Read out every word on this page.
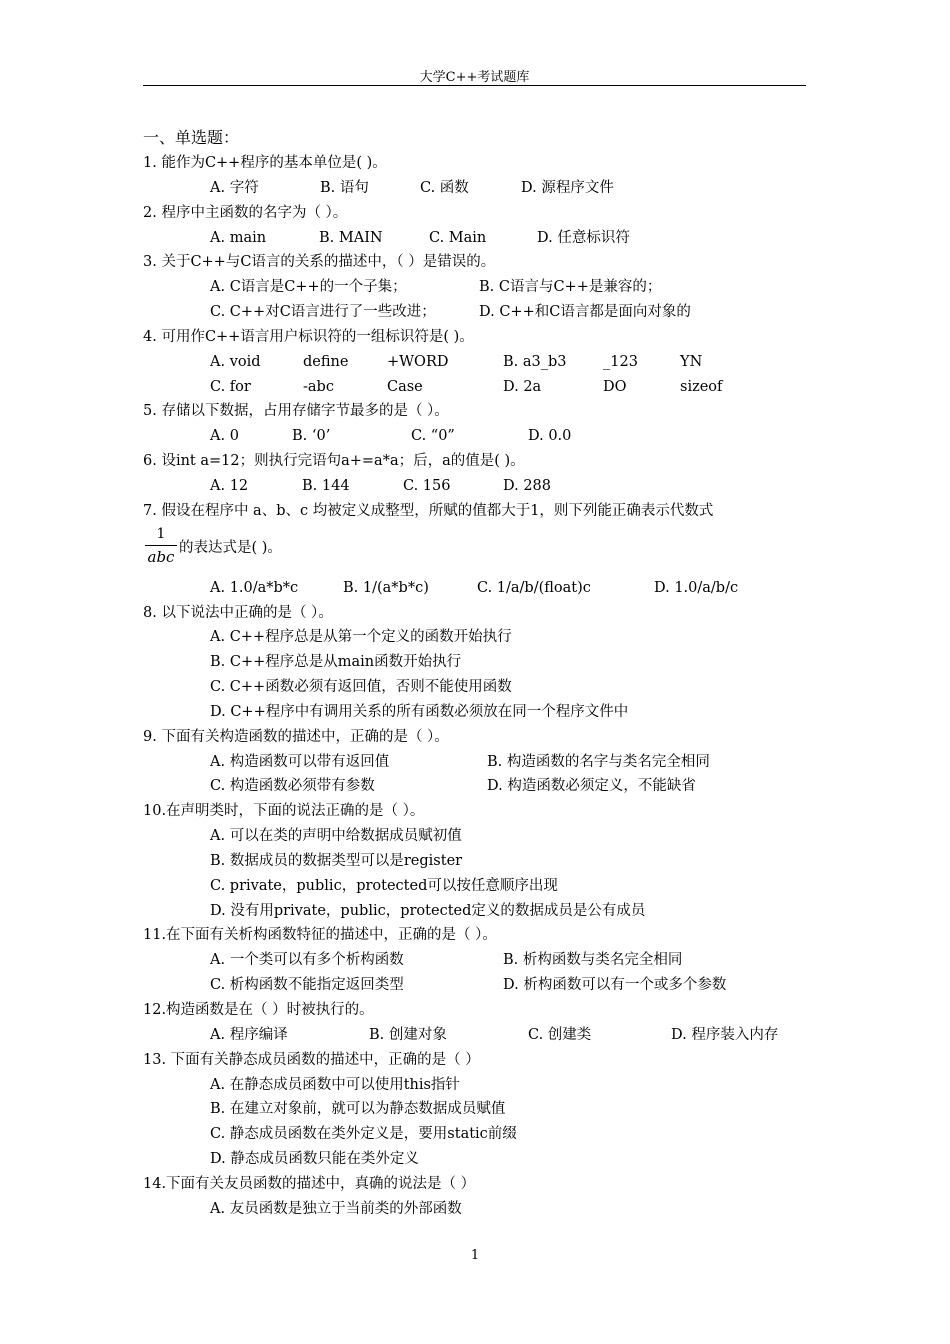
大学C++考试题库
一、单选题：
1. 能作为C++程序的基本单位是( )。
A. 字符	B. 语句	C. 函数	D. 源程序文件
2. 程序中主函数的名字为（ ）。
A. main	B. MAIN	C. Main	D. 任意标识符
3. 关于C++与C语言的关系的描述中，（ ）是错误的。
A. C语言是C++的一个子集；	B. C语言与C++是兼容的；
C. C++对C语言进行了一些改进；	D. C++和C语言都是面向对象的
4. 可用作C++语言用户标识符的一组标识符是( )。
A. void	define	+WORD	B. a3_b3	_123	YN
C. for	-abc	Case	D. 2a	DO	sizeof
5. 存储以下数据，占用存储字节最多的是（ ）。
A. 0	B. ‘0’	C. “0”	D. 0.0
6. 设int a=12；则执行完语句a+=a*a；后，a的值是( )。
A. 12	B. 144	C. 156	D. 288
7. 假设在程序中 a、b、c 均被定义成整型，所赋的值都大于1，则下列能正确表示代数式
1
abc 的表达式是( )。
A. 1.0/a*b*c	B. 1/(a*b*c)	C. 1/a/b/(float)c	D. 1.0/a/b/c
8. 以下说法中正确的是（ ）。
A. C++程序总是从第一个定义的函数开始执行
B. C++程序总是从main函数开始执行
C. C++函数必须有返回值，否则不能使用函数
D. C++程序中有调用关系的所有函数必须放在同一个程序文件中
9. 下面有关构造函数的描述中，正确的是（ ）。
A. 构造函数可以带有返回值	B. 构造函数的名字与类名完全相同
C. 构造函数必须带有参数	D. 构造函数必须定义，不能缺省
10.在声明类时，下面的说法正确的是（ ）。
A. 可以在类的声明中给数据成员赋初值
B. 数据成员的数据类型可以是register
C. private，public，protected可以按任意顺序出现
D. 没有用private，public，protected定义的数据成员是公有成员
11.在下面有关析构函数特征的描述中，正确的是（ ）。
A. 一个类可以有多个析构函数	B. 析构函数与类名完全相同
C. 析构函数不能指定返回类型	D. 析构函数可以有一个或多个参数
12.构造函数是在（ ）时被执行的。
A. 程序编译	B. 创建对象	C. 创建类	D. 程序装入内存
13. 下面有关静态成员函数的描述中，正确的是（ ）
A. 在静态成员函数中可以使用this指针
B. 在建立对象前，就可以为静态数据成员赋值
C. 静态成员函数在类外定义是，要用static前缀
D. 静态成员函数只能在类外定义
14.下面有关友员函数的描述中，真确的说法是（ ）
A. 友员函数是独立于当前类的外部函数
1
